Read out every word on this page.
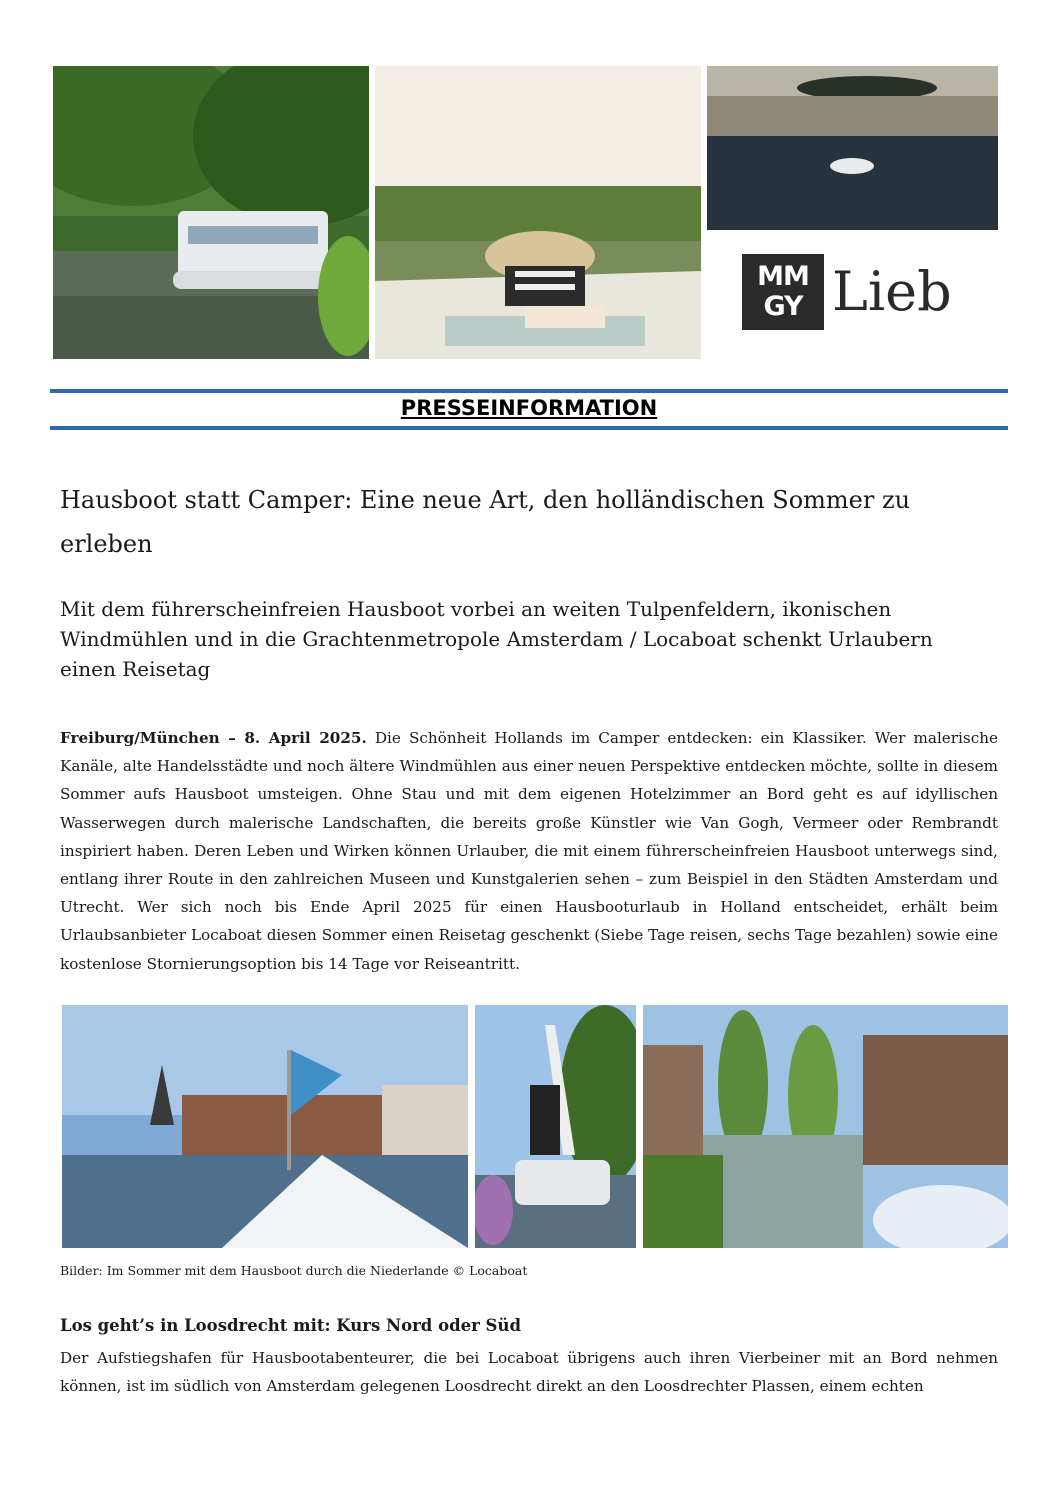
MM
GY Lieb
PRESSEINFORMATION
Hausboot statt Camper: Eine neue Art, den holländischen Sommer zu erleben
Mit dem führerscheinfreien Hausboot vorbei an weiten Tulpenfeldern, ikonischen Windmühlen und in die Grachtenmetropole Amsterdam / Locaboat schenkt Urlaubern einen Reisetag
Freiburg/München – 8. April 2025. Die Schönheit Hollands im Camper entdecken: ein Klassiker. Wer malerische Kanäle, alte Handelsstädte und noch ältere Windmühlen aus einer neuen Perspektive entdecken möchte, sollte in diesem Sommer aufs Hausboot umsteigen. Ohne Stau und mit dem eigenen Hotelzimmer an Bord geht es auf idyllischen Wasserwegen durch malerische Landschaften, die bereits große Künstler wie Van Gogh, Vermeer oder Rembrandt inspiriert haben. Deren Leben und Wirken können Urlauber, die mit einem führerscheinfreien Hausboot unterwegs sind, entlang ihrer Route in den zahlreichen Museen und Kunstgalerien sehen – zum Beispiel in den Städten Amsterdam und Utrecht. Wer sich noch bis Ende April 2025 für einen Hausbooturlaub in Holland entscheidet, erhält beim Urlaubsanbieter Locaboat diesen Sommer einen Reisetag geschenkt (Siebe Tage reisen, sechs Tage bezahlen) sowie eine kostenlose Stornierungsoption bis 14 Tage vor Reiseantritt.
Bilder: Im Sommer mit dem Hausboot durch die Niederlande © Locaboat
Los geht’s in Loosdrecht mit: Kurs Nord oder Süd
Der Aufstiegshafen für Hausbootabenteurer, die bei Locaboat übrigens auch ihren Vierbeiner mit an Bord nehmen können, ist im südlich von Amsterdam gelegenen Loosdrecht direkt an den Loosdrechter Plassen, einem echten
